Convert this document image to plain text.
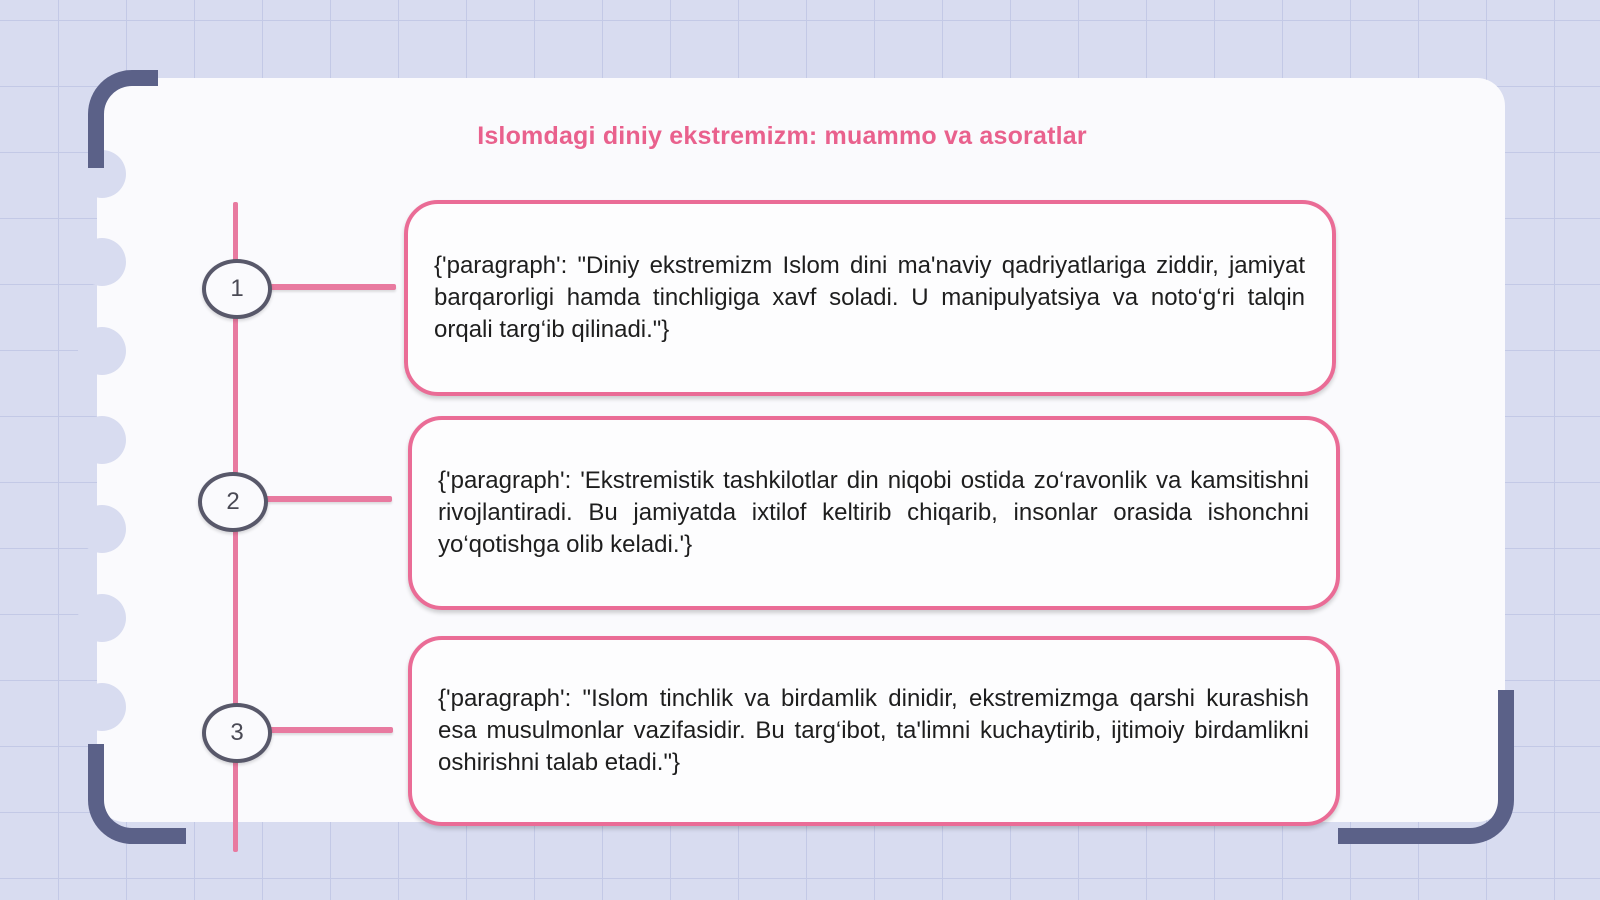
Islomdagi diniy ekstremizm: muammo va asoratlar
1
2
3

{'paragraph': "Diniy ekstremizm Islom dini ma'naviy qadriyatlariga ziddir, jamiyat barqarorligi hamda tinchligiga xavf soladi. U manipulyatsiya va noto‘g‘ri talqin orqali targ‘ib qilinadi."}

{'paragraph': 'Ekstremistik tashkilotlar din niqobi ostida zo‘ravonlik va kamsitishni rivojlantiradi. Bu jamiyatda ixtilof keltirib chiqarib, insonlar orasida ishonchni yo‘qotishga olib keladi.'}

{'paragraph': "Islom tinchlik va birdamlik dinidir, ekstremizmga qarshi kurashish esa musulmonlar vazifasidir. Bu targ‘ibot, ta'limni kuchaytirib, ijtimoiy birdamlikni oshirishni talab etadi."}
